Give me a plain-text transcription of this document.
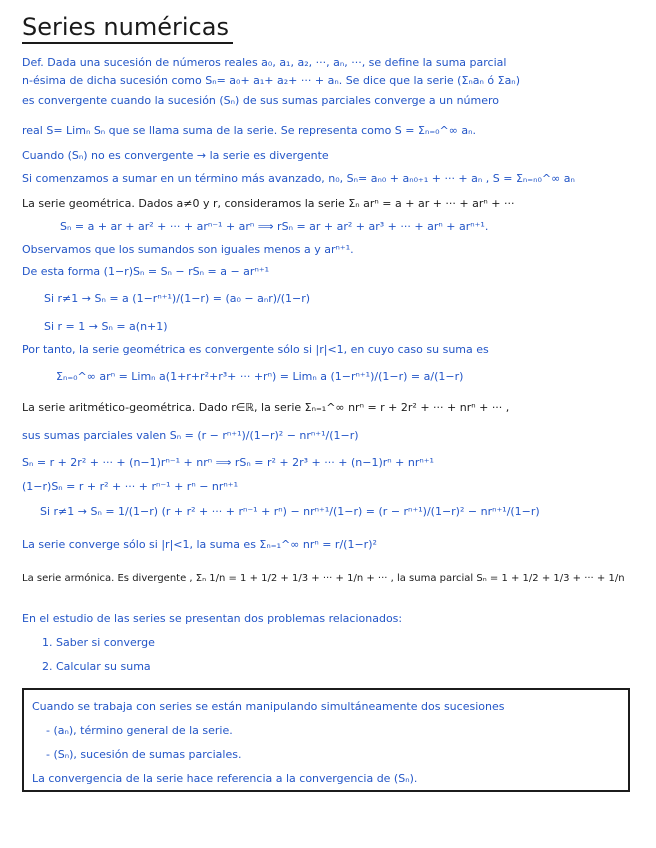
Series numéricas
Def. Dada una sucesión de números reales a₀, a₁, a₂, ···, aₙ, ···, se define la suma parcial
n-ésima de dicha sucesión como Sₙ= a₀+ a₁+ a₂+ ··· + aₙ. Se dice que la serie (Σₙaₙ ó Σaₙ)
es convergente cuando la sucesión (Sₙ) de sus sumas parciales converge a un número
real S= Limₙ Sₙ que se llama suma de la serie. Se representa como S = Σₙ₌₀^∞ aₙ.
Cuando (Sₙ) no es convergente → la serie es divergente
Si comenzamos a sumar en un término más avanzado, n₀, Sₙ= aₙ₀ + aₙ₀₊₁ + ··· + aₙ , S = Σₙ₌ₙ₀^∞ aₙ
La serie geométrica. Dados a≠0 y r, consideramos la serie Σₙ arⁿ = a + ar + ··· + arⁿ + ···
Sₙ = a + ar + ar² + ··· + arⁿ⁻¹ + arⁿ ⟹ rSₙ = ar + ar² + ar³ + ··· + arⁿ + arⁿ⁺¹.
Observamos que los sumandos son iguales menos a y arⁿ⁺¹.
De esta forma (1−r)Sₙ = Sₙ − rSₙ = a − arⁿ⁺¹
Si r≠1 → Sₙ = a (1−rⁿ⁺¹)/(1−r) = (a₀ − aₙr)/(1−r)
Si r = 1 → Sₙ = a(n+1)
Por tanto, la serie geométrica es convergente sólo si |r|<1, en cuyo caso su suma es
Σₙ₌₀^∞ arⁿ = Limₙ a(1+r+r²+r³+ ··· +rⁿ) = Limₙ a (1−rⁿ⁺¹)/(1−r) = a/(1−r)
La serie aritmético-geométrica. Dado r∈ℝ, la serie Σₙ₌₁^∞ nrⁿ = r + 2r² + ··· + nrⁿ + ··· ,
sus sumas parciales valen Sₙ = (r − rⁿ⁺¹)/(1−r)² − nrⁿ⁺¹/(1−r)
Sₙ = r + 2r² + ··· + (n−1)rⁿ⁻¹ + nrⁿ ⟹ rSₙ = r² + 2r³ + ··· + (n−1)rⁿ + nrⁿ⁺¹
(1−r)Sₙ = r + r² + ··· + rⁿ⁻¹ + rⁿ − nrⁿ⁺¹
Si r≠1 → Sₙ = 1/(1−r) (r + r² + ··· + rⁿ⁻¹ + rⁿ) − nrⁿ⁺¹/(1−r) = (r − rⁿ⁺¹)/(1−r)² − nrⁿ⁺¹/(1−r)
La serie converge sólo si |r|<1, la suma es Σₙ₌₁^∞ nrⁿ = r/(1−r)²
La serie armónica. Es divergente , Σₙ 1/n = 1 + 1/2 + 1/3 + ··· + 1/n + ··· , la suma parcial Sₙ = 1 + 1/2 + 1/3 + ··· + 1/n
En el estudio de las series se presentan dos problemas relacionados:
1. Saber si converge
2. Calcular su suma
Cuando se trabaja con series se están manipulando simultáneamente dos sucesiones
- (aₙ), término general de la serie.
- (Sₙ), sucesión de sumas parciales.
La convergencia de la serie hace referencia a la convergencia de (Sₙ).
